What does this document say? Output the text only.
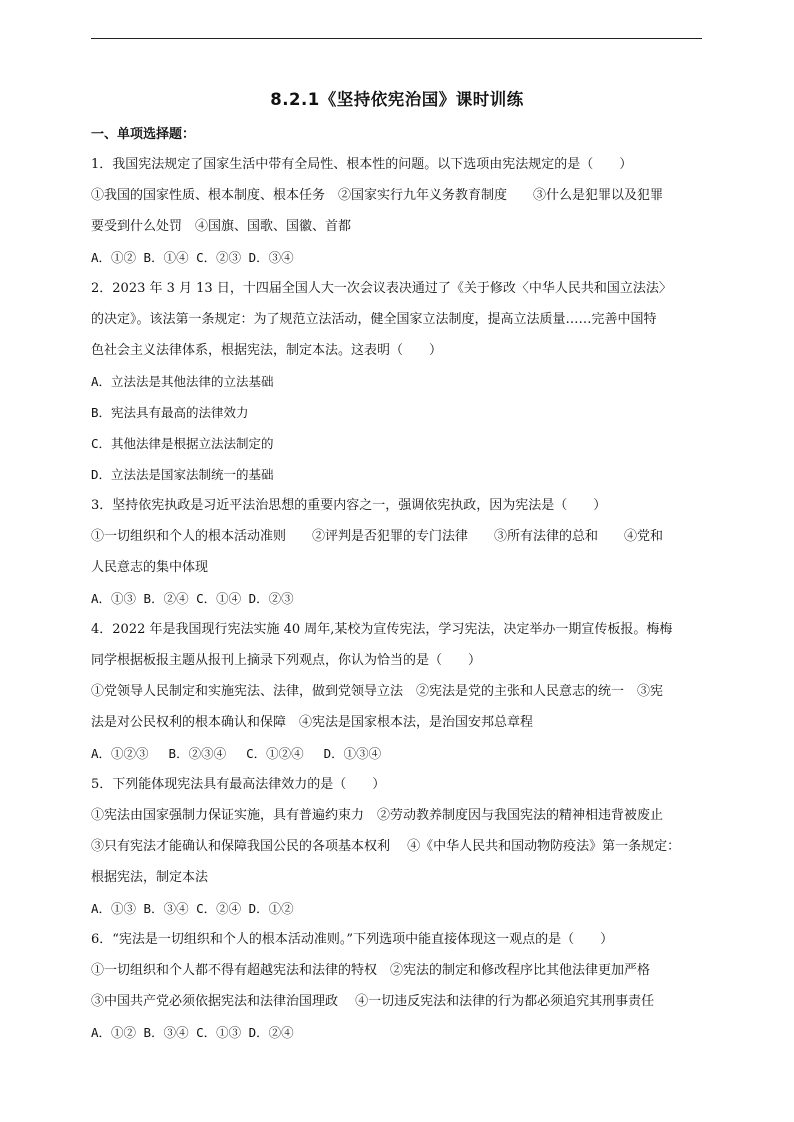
8.2.1《坚持依宪治国》课时训练
一、单项选择题：
1．我国宪法规定了国家生活中带有全局性、根本性的问题。以下选项由宪法规定的是（　　）
①我国的国家性质、根本制度、根本任务　②国家实行九年义务教育制度　　③什么是犯罪以及犯罪
要受到什么处罚　④国旗、国歌、国徽、首都
A．①② B．①④ C．②③ D．③④
2．2023 年 3 月 13 日，十四届全国人大一次会议表决通过了《关于修改〈中华人民共和国立法法〉
的决定》。该法第一条规定：为了规范立法活动，健全国家立法制度，提高立法质量……完善中国特
色社会主义法律体系，根据宪法，制定本法。这表明（　　）
A．立法法是其他法律的立法基础
B．宪法具有最高的法律效力
C．其他法律是根据立法法制定的
D．立法法是国家法制统一的基础
3．坚持依宪执政是习近平法治思想的重要内容之一，强调依宪执政，因为宪法是（　　）
①一切组织和个人的根本活动准则　　②评判是否犯罪的专门法律　　③所有法律的总和　　④党和
人民意志的集中体现
A．①③ B．②④ C．①④ D．②③
4．2022 年是我国现行宪法实施 40 周年,某校为宣传宪法，学习宪法，决定举办一期宣传板报。梅梅
同学根据板报主题从报刊上摘录下列观点，你认为恰当的是（　　）
①党领导人民制定和实施宪法、法律，做到党领导立法　②宪法是党的主张和人民意志的统一　③宪
法是对公民权利的根本确认和保障　④宪法是国家根本法，是治国安邦总章程
A．①②③　 B．②③④　 C．①②④　 D．①③④
5．下列能体现宪法具有最高法律效力的是（　　）
①宪法由国家强制力保证实施，具有普遍约束力　②劳动教养制度因与我国宪法的精神相违背被废止
③只有宪法才能确认和保障我国公民的各项基本权利　 ④《中华人民共和国动物防疫法》第一条规定：
根据宪法，制定本法
A．①③ B．③④ C．②④ D．①②
6．“宪法是一切组织和个人的根本活动准则。”下列选项中能直接体现这一观点的是（　　）
①一切组织和个人都不得有超越宪法和法律的特权　②宪法的制定和修改程序比其他法律更加严格
③中国共产党必须依据宪法和法律治国理政　 ④一切违反宪法和法律的行为都必须追究其刑事责任
A．①② B．③④ C．①③ D．②④
